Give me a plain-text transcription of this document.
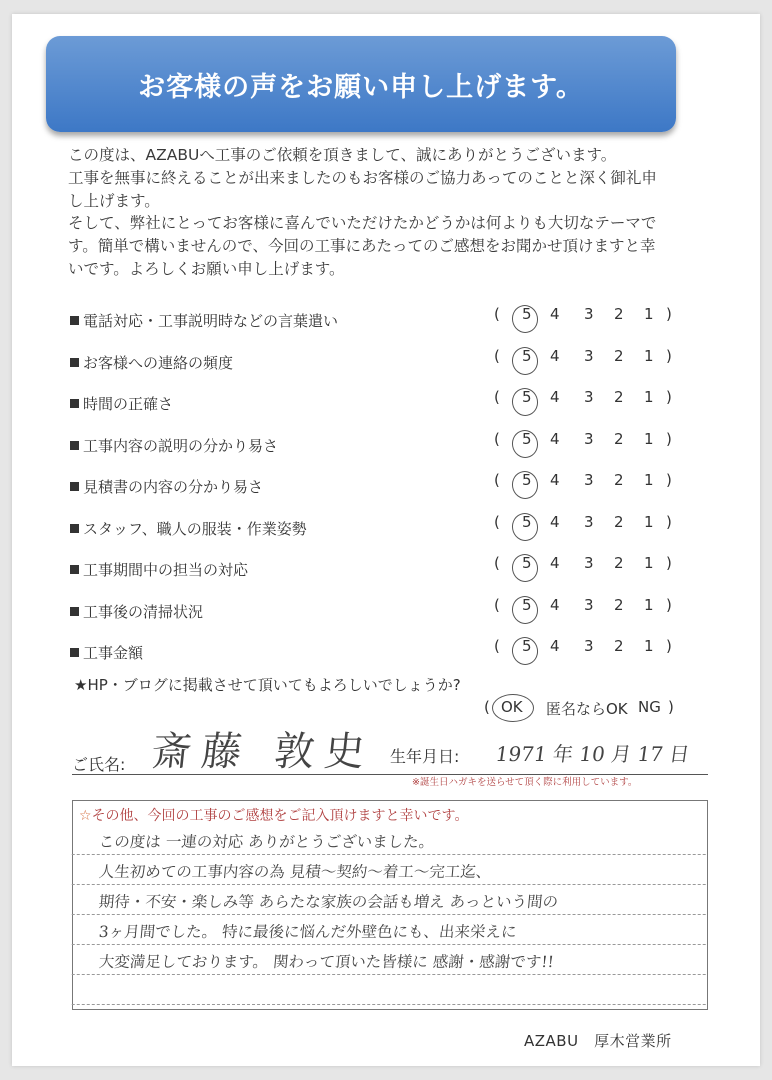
お客様の声をお願い申し上げます。

この度は、AZABUへ工事のご依頼を頂きまして、誠にありがとうございます。

工事を無事に終えることが出来ましたのもお客様のご協力あってのことと深く御礼申

し上げます。

そして、弊社にとってお客様に喜んでいただけたかどうかは何よりも大切なテーマで

す。簡単で構いませんので、今回の工事にあたってのご感想をお聞かせ頂けますと幸

いです。よろしくお願い申し上げます。

電話対応・工事説明時などの言葉遣い	( 5 4 3 2 1 )
お客様への連絡の頻度	( 5 4 3 2 1 )
時間の正確さ	( 5 4 3 2 1 )
工事内容の説明の分かり易さ	( 5 4 3 2 1 )
見積書の内容の分かり易さ	( 5 4 3 2 1 )
スタッフ、職人の服装・作業姿勢	( 5 4 3 2 1 )
工事期間中の担当の対応	( 5 4 3 2 1 )
工事後の清掃状況	( 5 4 3 2 1 )
工事金額	( 5 4 3 2 1 )
★HP・ブログに掲載させて頂いてもよろしいでしょうか?
( OK 匿名ならOK NG )
ご氏名: 斎藤 敦史 生年月日: 1971 年 10 月 17 日
※誕生日ハガキを送らせて頂く際に利用しています。
☆その他、今回の工事のご感想をご記入頂けますと幸いです。
この度は 一連の対応 ありがとうございました。
人生初めての工事内容の為 見積～契約～着工～完工迄、
期待・不安・楽しみ等 あらたな家族の会話も増え あっという間の
3ヶ月間でした。 特に最後に悩んだ外壁色にも、出来栄えに
大変満足しております。 関わって頂いた皆様に 感謝・感謝です!!
AZABU　厚木営業所
